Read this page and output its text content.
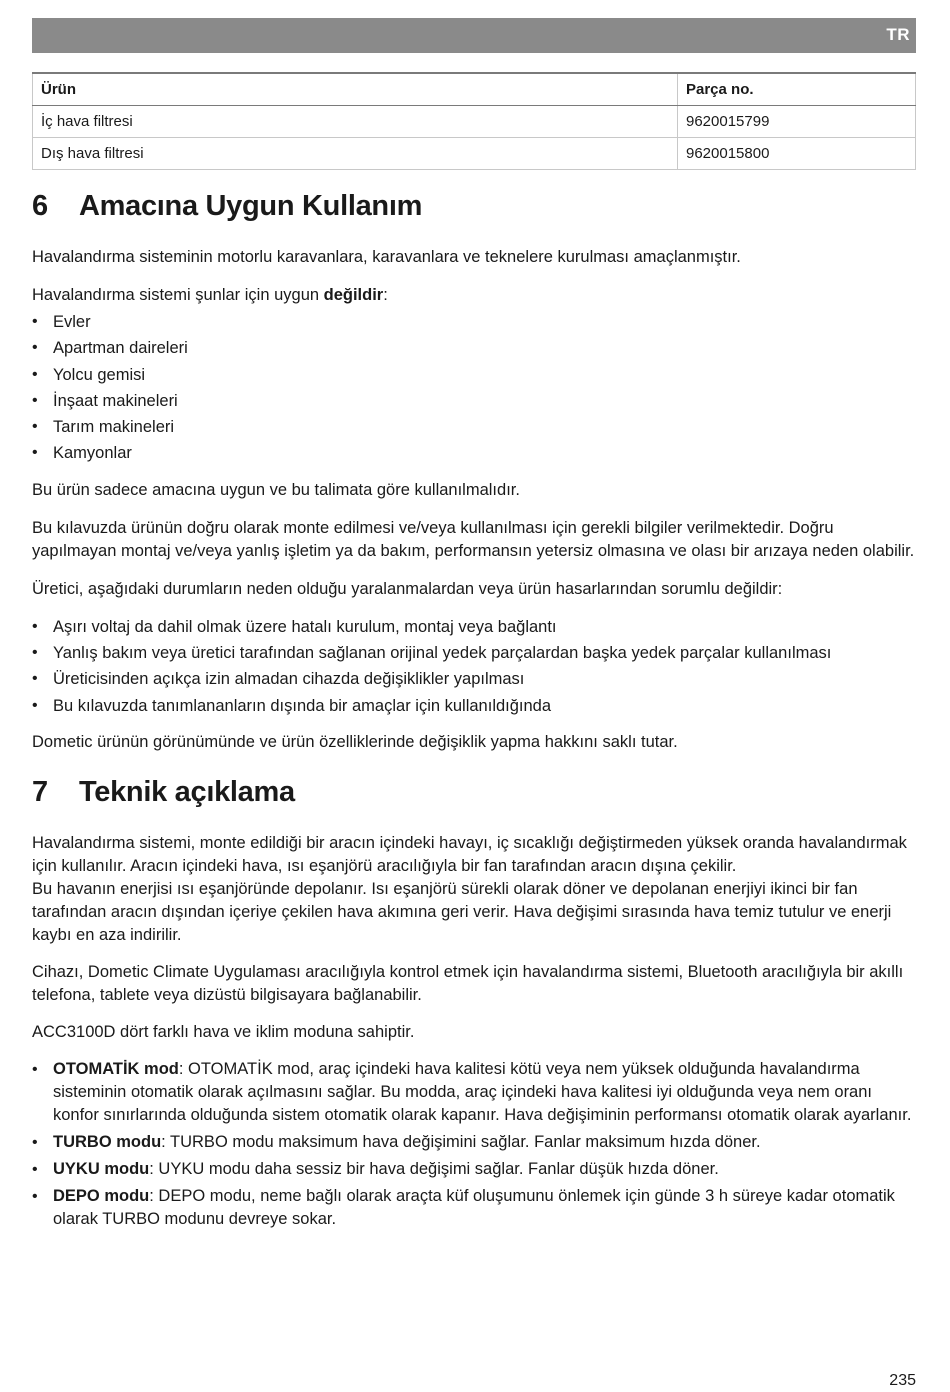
TR
Ürün	Parça no.
İç hava filtresi	9620015799
Dış hava filtresi	9620015800
6	Amacına Uygun Kullanım

Havalandırma sisteminin motorlu karavanlara, karavanlara ve teknelere kurulması amaçlanmıştır.

Havalandırma sistemi şunlar için uygun değildir:

• Evler
• Apartman daireleri
• Yolcu gemisi
• İnşaat makineleri
• Tarım makineleri
• Kamyonlar

Bu ürün sadece amacına uygun ve bu talimata göre kullanılmalıdır.

Bu kılavuzda ürünün doğru olarak monte edilmesi ve/veya kullanılması için gerekli bilgiler verilmektedir. Doğru yapılmayan montaj ve/veya yanlış işletim ya da bakım, performansın yetersiz olmasına ve olası bir arızaya neden olabilir.

Üretici, aşağıdaki durumların neden olduğu yaralanmalardan veya ürün hasarlarından sorumlu değildir:

• Aşırı voltaj da dahil olmak üzere hatalı kurulum, montaj veya bağlantı
• Yanlış bakım veya üretici tarafından sağlanan orijinal yedek parçalardan başka yedek parçalar kullanılması
• Üreticisinden açıkça izin almadan cihazda değişiklikler yapılması
• Bu kılavuzda tanımlananların dışında bir amaçlar için kullanıldığında

Dometic ürünün görünümünde ve ürün özelliklerinde değişiklik yapma hakkını saklı tutar.

7	Teknik açıklama

Havalandırma sistemi, monte edildiği bir aracın içindeki havayı, iç sıcaklığı değiştirmeden yüksek oranda havalandırmak için kullanılır. Aracın içindeki hava, ısı eşanjörü aracılığıyla bir fan tarafından aracın dışına çekilir.
Bu havanın enerjisi ısı eşanjöründe depolanır. Isı eşanjörü sürekli olarak döner ve depolanan enerjiyi ikinci bir fan tarafından aracın dışından içeriye çekilen hava akımına geri verir. Hava değişimi sırasında hava temiz tutulur ve enerji kaybı en aza indirilir.

Cihazı, Dometic Climate Uygulaması aracılığıyla kontrol etmek için havalandırma sistemi, Bluetooth aracılığıyla bir akıllı telefona, tablete veya dizüstü bilgisayara bağlanabilir.

ACC3100D dört farklı hava ve iklim moduna sahiptir.

• OTOMATİK mod: OTOMATİK mod, araç içindeki hava kalitesi kötü veya nem yüksek olduğunda havalandırma sisteminin otomatik olarak açılmasını sağlar. Bu modda, araç içindeki hava kalitesi iyi olduğunda veya nem oranı konfor sınırlarında olduğunda sistem otomatik olarak kapanır. Hava değişiminin performansı otomatik olarak ayarlanır.
• TURBO modu: TURBO modu maksimum hava değişimini sağlar. Fanlar maksimum hızda döner.
• UYKU modu: UYKU modu daha sessiz bir hava değişimi sağlar. Fanlar düşük hızda döner.
• DEPO modu: DEPO modu, neme bağlı olarak araçta küf oluşumunu önlemek için günde 3 h süreye kadar otomatik olarak TURBO modunu devreye sokar.
235
